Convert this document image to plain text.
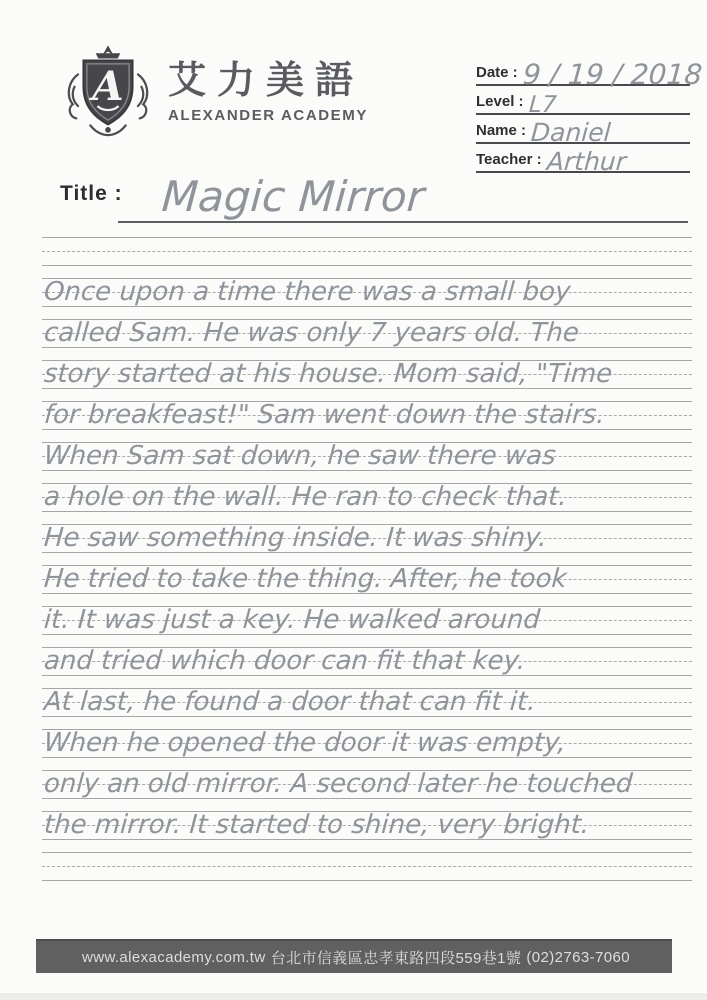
A 艾力美語
ALEXANDER ACADEMY
Date : 9 / 19 / 2018
Level : L7
Name : Daniel
Teacher : Arthur
Title : Magic Mirror
Once upon a time there was a small boy
called Sam. He was only 7 years old. The
story started at his house. Mom said, "Time
for breakfeast!" Sam went down the stairs.
When Sam sat down, he saw there was
a hole on the wall. He ran to check that.
He saw something inside. It was shiny.
He tried to take the thing. After, he took
it. It was just a key. He walked around
and tried which door can fit that key.
At last, he found a door that can fit it.
When he opened the door it was empty,
only an old mirror. A second later he touched
the mirror. It started to shine, very bright.
www.alexacademy.com.tw 台北市信義區忠孝東路四段559巷1號 (02)2763-7060
